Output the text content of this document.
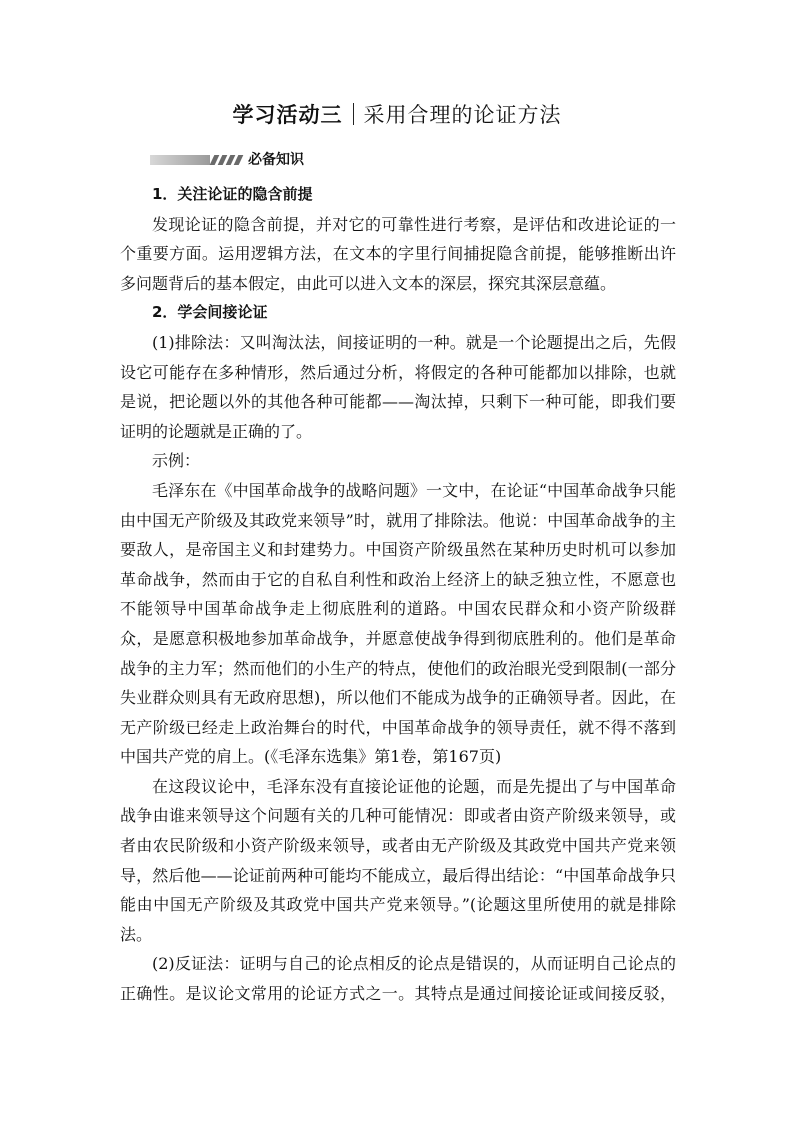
学习活动三 采用合理的论证方法
必备知识

1．关注论证的隐含前提

发现论证的隐含前提，并对它的可靠性进行考察，是评估和改进论证的一个重要方面。运用逻辑方法，在文本的字里行间捕捉隐含前提，能够推断出许多问题背后的基本假定，由此可以进入文本的深层，探究其深层意蕴。

2．学会间接论证

(1)排除法：又叫淘汰法，间接证明的一种。就是一个论题提出之后，先假设它可能存在多种情形，然后通过分析，将假定的各种可能都加以排除，也就是说，把论题以外的其他各种可能都——淘汰掉，只剩下一种可能，即我们要证明的论题就是正确的了。

示例：

毛泽东在《中国革命战争的战略问题》一文中，在论证“中国革命战争只能由中国无产阶级及其政党来领导”时，就用了排除法。他说：中国革命战争的主要敌人，是帝国主义和封建势力。中国资产阶级虽然在某种历史时机可以参加革命战争，然而由于它的自私自利性和政治上经济上的缺乏独立性，不愿意也不能领导中国革命战争走上彻底胜利的道路。中国农民群众和小资产阶级群众，是愿意积极地参加革命战争，并愿意使战争得到彻底胜利的。他们是革命战争的主力军；然而他们的小生产的特点，使他们的政治眼光受到限制(一部分失业群众则具有无政府思想)，所以他们不能成为战争的正确领导者。因此，在无产阶级已经走上政治舞台的时代，中国革命战争的领导责任，就不得不落到中国共产党的肩上。(《毛泽东选集》第1卷，第167页)

在这段议论中，毛泽东没有直接论证他的论题，而是先提出了与中国革命战争由谁来领导这个问题有关的几种可能情况：即或者由资产阶级来领导，或者由农民阶级和小资产阶级来领导，或者由无产阶级及其政党中国共产党来领导，然后他——论证前两种可能均不能成立，最后得出结论：“中国革命战争只能由中国无产阶级及其政党中国共产党来领导。”(论题这里所使用的就是排除法。

(2)反证法：证明与自己的论点相反的论点是错误的，从而证明自己论点的正确性。是议论文常用的论证方式之一。其特点是通过间接论证或间接反驳，
